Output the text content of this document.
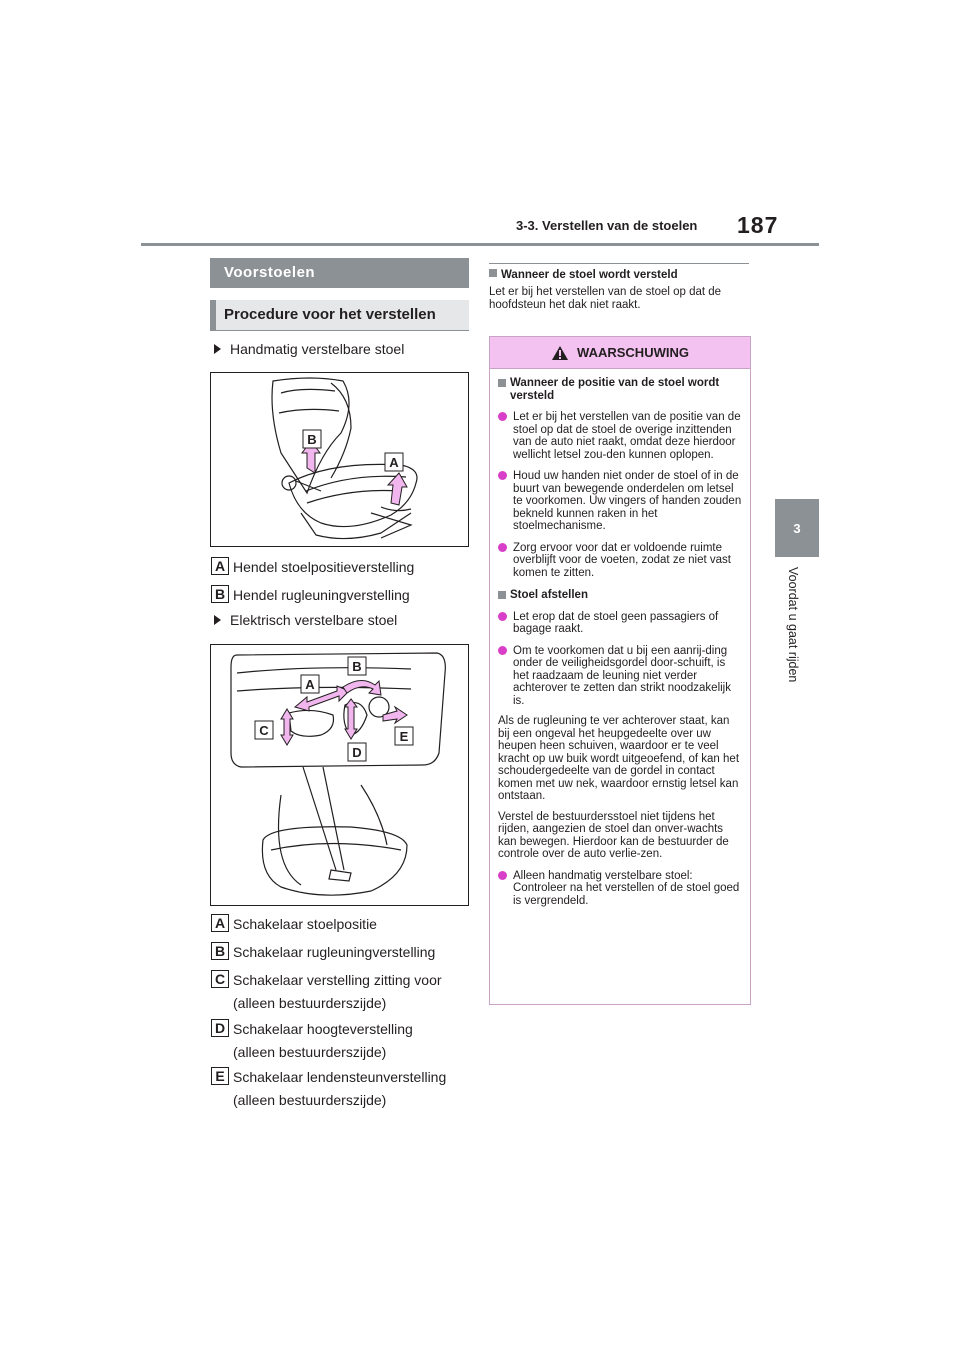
3-3. Verstellen van de stoelen 187
3
Voordat u gaat rijden
Voorstoelen
Procedure voor het verstellen
Handmatig verstelbare stoel
B
A
A Hendel stoelpositieverstelling
B Hendel rugleuningverstelling
Elektrisch verstelbare stoel
B
A
C	E
D
A Schakelaar stoelpositie
B Schakelaar rugleuningverstelling
C Schakelaar verstelling zitting voor
(alleen bestuurderszijde)
D Schakelaar hoogteverstelling
(alleen bestuurderszijde)
E Schakelaar lendensteunverstelling
(alleen bestuurderszijde)
Wanneer de stoel wordt versteld
Let er bij het verstellen van de stoel op dat de hoofdsteun het dak niet raakt.
WAARSCHUWING
Wanneer de positie van de stoel wordt versteld
Let er bij het verstellen van de positie van de stoel op dat de stoel de overige inzittenden van de auto niet raakt, omdat deze hierdoor wellicht letsel zou-den kunnen oplopen.
Houd uw handen niet onder de stoel of in de buurt van bewegende onderdelen om letsel te voorkomen. Uw vingers of handen zouden bekneld kunnen raken in het stoelmechanisme.
Zorg ervoor voor dat er voldoende ruimte overblijft voor de voeten, zodat ze niet vast komen te zitten.
Stoel afstellen
Let erop dat de stoel geen passagiers of bagage raakt.
Om te voorkomen dat u bij een aanrij-ding onder de veiligheidsgordel door-schuift, is het raadzaam de leuning niet verder achterover te zetten dan strikt noodzakelijk is.
Als de rugleuning te ver achterover staat, kan bij een ongeval het heupgedeelte over uw heupen heen schuiven, waardoor er te veel kracht op uw buik wordt uitgeoefend, of kan het schoudergedeelte van de gordel in contact komen met uw nek, waardoor ernstig letsel kan ontstaan.
Verstel de bestuurdersstoel niet tijdens het rijden, aangezien de stoel dan onver-wachts kan bewegen. Hierdoor kan de bestuurder de controle over de auto verlie-zen.
Alleen handmatig verstelbare stoel: Controleer na het verstellen of de stoel goed is vergrendeld.
